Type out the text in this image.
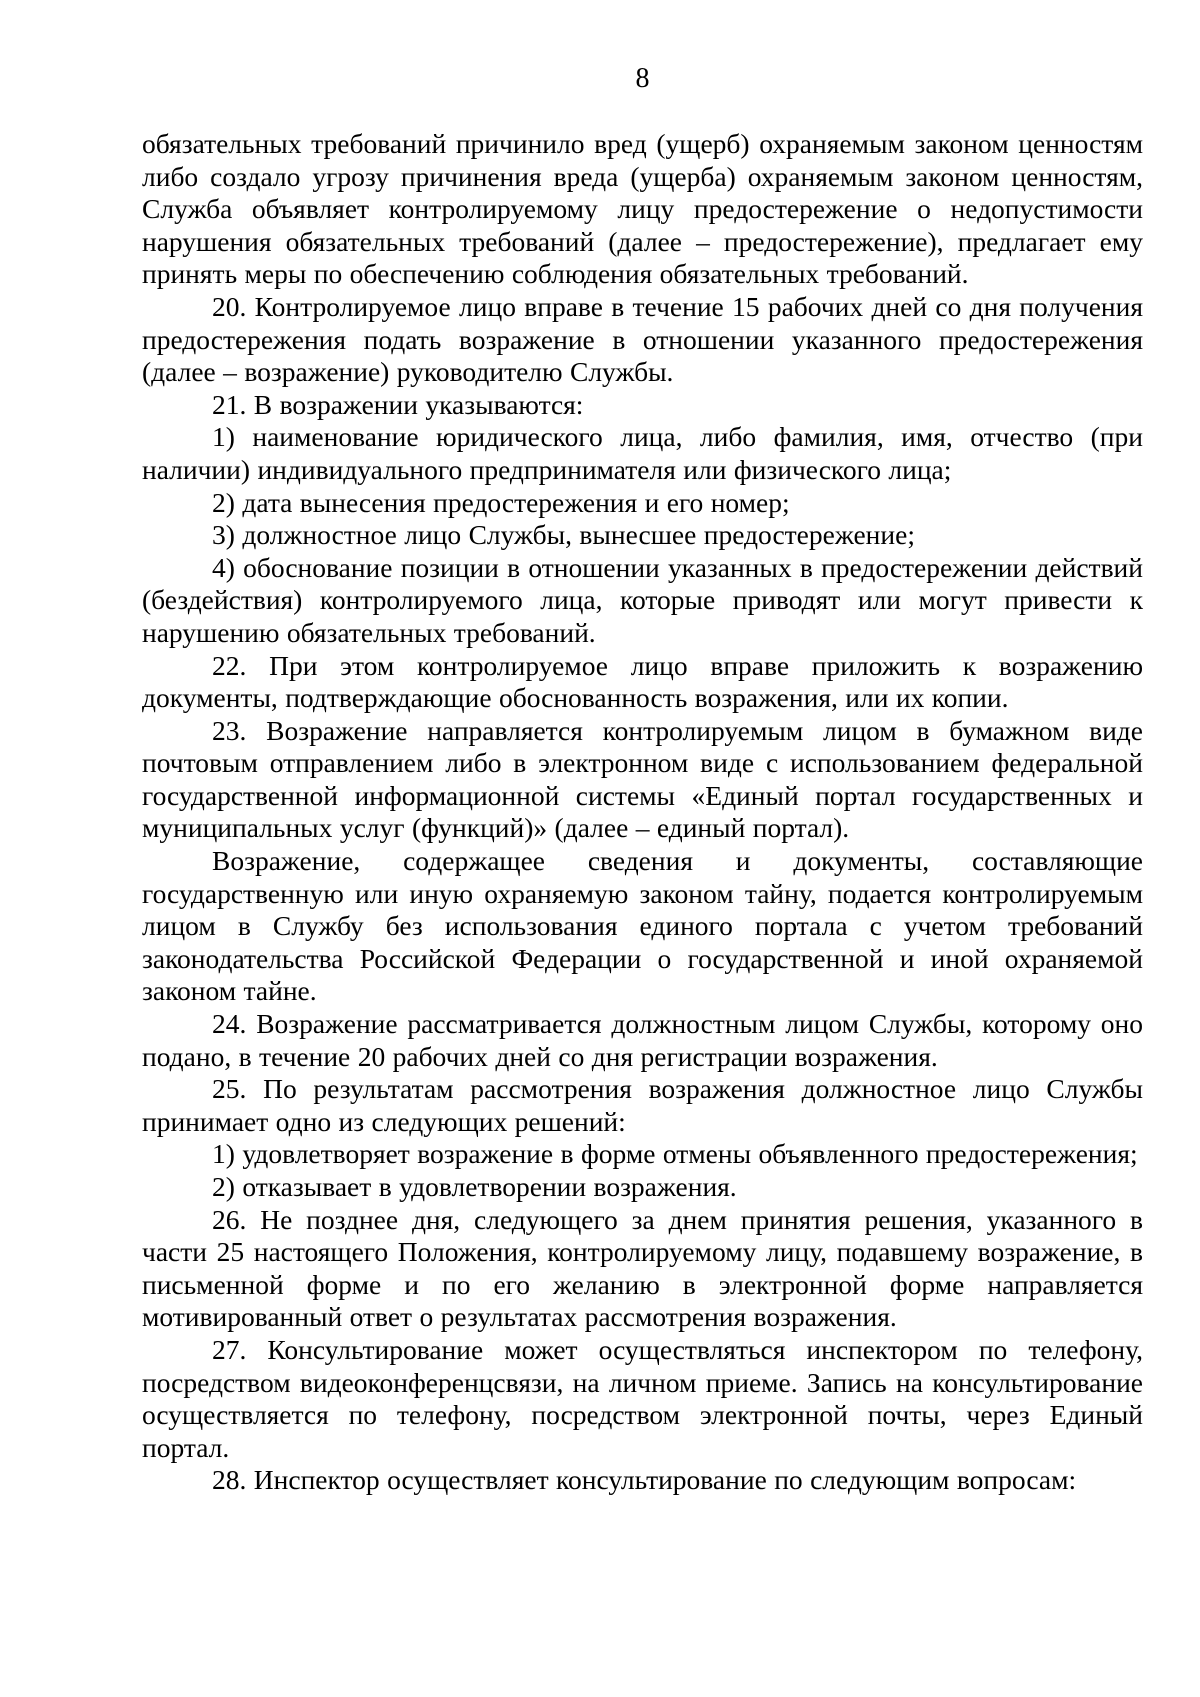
8

обязательных требований причинило вред (ущерб) охраняемым законом ценностям либо создало угрозу причинения вреда (ущерба) охраняемым законом ценностям, Служба объявляет контролируемому лицу предостережение о недопустимости нарушения обязательных требований (далее – предостережение), предлагает ему принять меры по обеспечению соблюдения обязательных требований.

20. Контролируемое лицо вправе в течение 15 рабочих дней со дня получения предостережения подать возражение в отношении указанного предостережения (далее – возражение) руководителю Службы.

21. В возражении указываются:

1) наименование юридического лица, либо фамилия, имя, отчество (при наличии) индивидуального предпринимателя или физического лица;

2) дата вынесения предостережения и его номер;

3) должностное лицо Службы, вынесшее предостережение;

4) обоснование позиции в отношении указанных в предостережении действий (бездействия) контролируемого лица, которые приводят или могут привести к нарушению обязательных требований.

22. При этом контролируемое лицо вправе приложить к возражению документы, подтверждающие обоснованность возражения, или их копии.

23. Возражение направляется контролируемым лицом в бумажном виде почтовым отправлением либо в электронном виде с использованием федеральной государственной информационной системы «Единый портал государственных и муниципальных услуг (функций)» (далее – единый портал).

Возражение, содержащее сведения и документы, составляющие государственную или иную охраняемую законом тайну, подается контролируемым лицом в Службу без использования единого портала с учетом требований законодательства Российской Федерации о государственной и иной охраняемой законом тайне.

24. Возражение рассматривается должностным лицом Службы, которому оно подано, в течение 20 рабочих дней со дня регистрации возражения.

25. По результатам рассмотрения возражения должностное лицо Службы принимает одно из следующих решений:

1) удовлетворяет возражение в форме отмены объявленного предостережения;

2) отказывает в удовлетворении возражения.

26. Не позднее дня, следующего за днем принятия решения, указанного в части 25 настоящего Положения, контролируемому лицу, подавшему возражение, в письменной форме и по его желанию в электронной форме направляется мотивированный ответ о результатах рассмотрения возражения.

27. Консультирование может осуществляться инспектором по телефону, посредством видеоконференцсвязи, на личном приеме. Запись на консультирование осуществляется по телефону, посредством электронной почты, через Единый портал.

28. Инспектор осуществляет консультирование по следующим вопросам:
